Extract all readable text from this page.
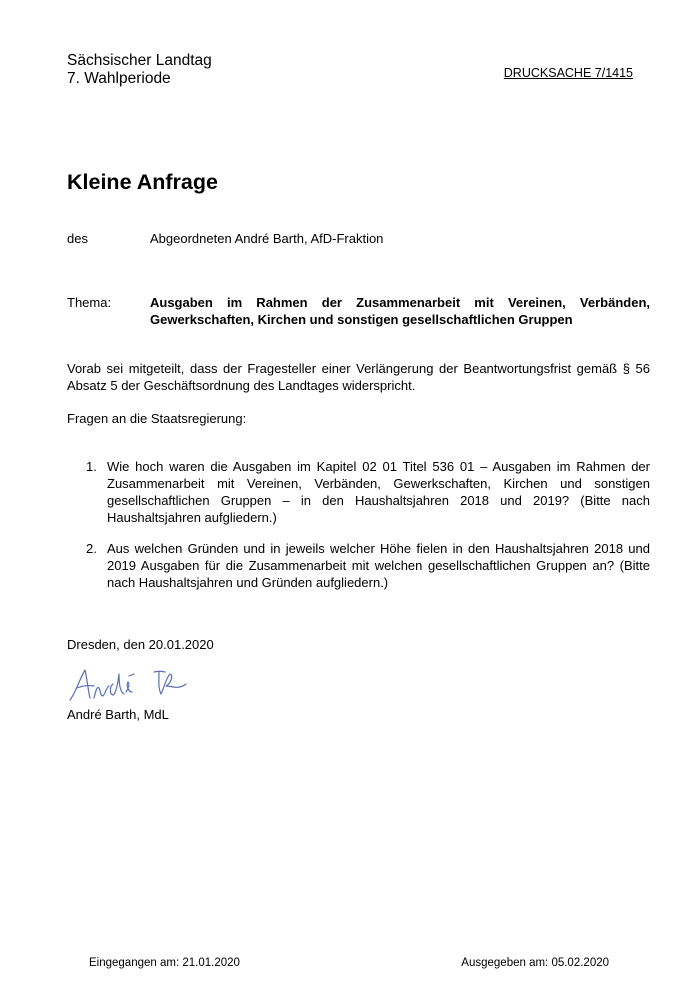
Sächsischer Landtag
7. Wahlperiode	DRUCKSACHE 7/1415
Kleine Anfrage
des	Abgeordneten André Barth, AfD-Fraktion
Thema:	Ausgaben im Rahmen der Zusammenarbeit mit Vereinen, Verbänden, Gewerkschaften, Kirchen und sonstigen gesellschaftlichen Gruppen
Vorab sei mitgeteilt, dass der Fragesteller einer Verlängerung der Beantwortungsfrist gemäß § 56 Absatz 5 der Geschäftsordnung des Landtages widerspricht.
Fragen an die Staatsregierung:
1. Wie hoch waren die Ausgaben im Kapitel 02 01 Titel 536 01 – Ausgaben im Rahmen der Zusammenarbeit mit Vereinen, Verbänden, Gewerkschaften, Kirchen und sonstigen gesellschaftlichen Gruppen – in den Haushaltsjahren 2018 und 2019? (Bitte nach Haushaltsjahren aufgliedern.)
2. Aus welchen Gründen und in jeweils welcher Höhe fielen in den Haushaltsjahren 2018 und 2019 Ausgaben für die Zusammenarbeit mit welchen gesellschaftlichen Gruppen an? (Bitte nach Haushaltsjahren und Gründen aufgliedern.)
Dresden, den 20.01.2020
André Barth, MdL
Eingegangen am: 21.01.2020	Ausgegeben am: 05.02.2020
